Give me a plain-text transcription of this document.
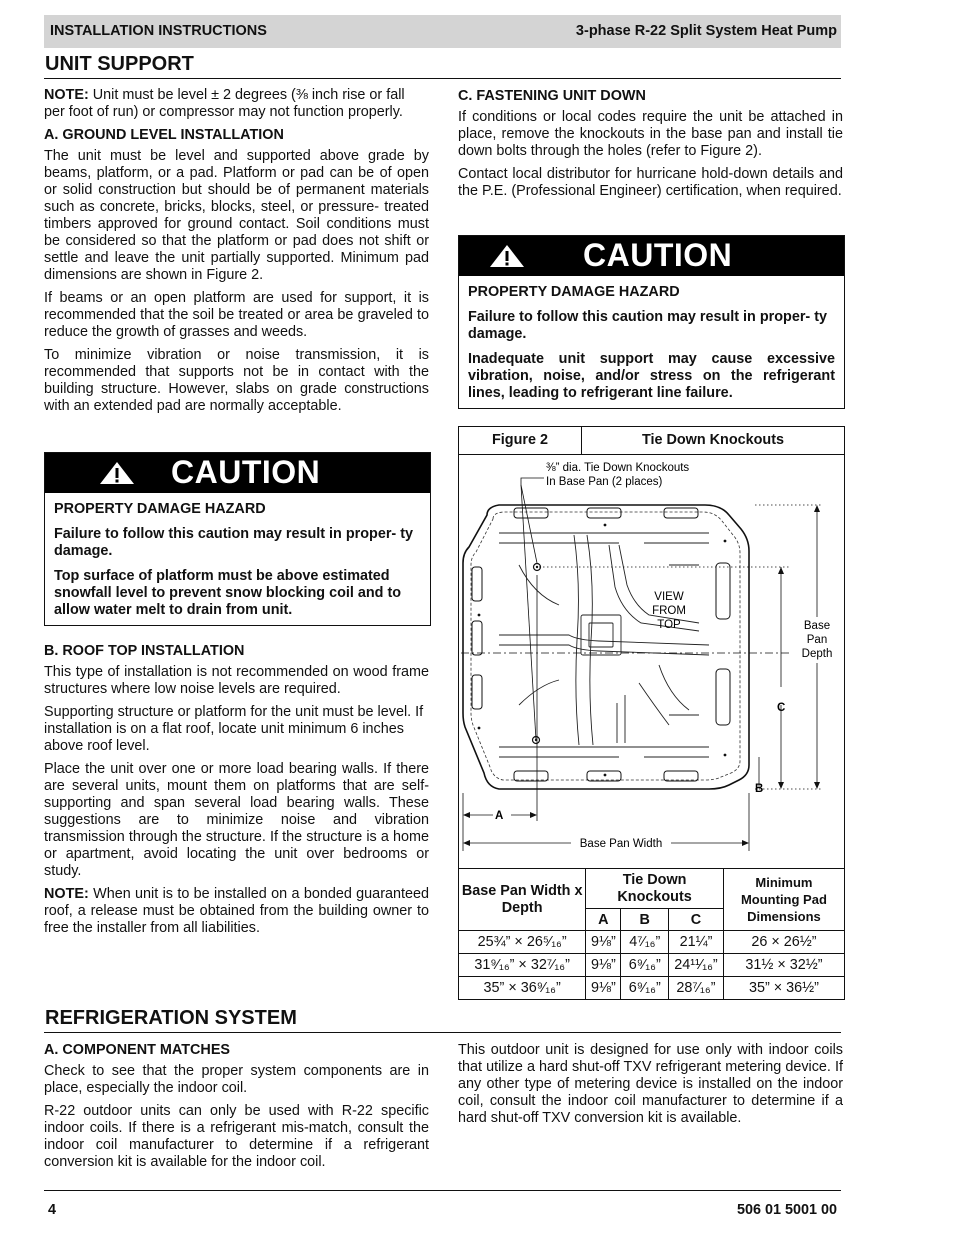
INSTALLATION INSTRUCTIONS	3-phase R-22 Split System Heat Pump
UNIT SUPPORT

NOTE: Unit must be level ± 2 degrees (⅜ inch rise or fall per foot of run) or compressor may not function properly.

A. GROUND LEVEL INSTALLATION

The unit must be level and supported above grade by beams, platform, or a pad. Platform or pad can be of open or solid construction but should be of permanent materials such as concrete, bricks, blocks, steel, or pressure- treated timbers approved for ground contact. Soil conditions must be considered so that the platform or pad does not shift or settle and leave the unit partially supported. Minimum pad dimensions are shown in Figure 2.

If beams or an open platform are used for support, it is recommended that the soil be treated or area be graveled to reduce the growth of grasses and weeds.

To minimize vibration or noise transmission, it is recommended that supports not be in contact with the building structure. However, slabs on grade constructions with an extended pad are normally acceptable.

CAUTION

PROPERTY DAMAGE HAZARD

Failure to follow this caution may result in proper- ty damage.

Top surface of platform must be above estimated snowfall level to prevent snow blocking coil and to allow water melt to drain from unit.

B. ROOF TOP INSTALLATION

This type of installation is not recommended on wood frame structures where low noise levels are required.

Supporting structure or platform for the unit must be level. If installation is on a flat roof, locate unit minimum 6 inches above roof level.

Place the unit over one or more load bearing walls. If there are several units, mount them on platforms that are self-supporting and span several load bearing walls. These suggestions are to minimize noise and vibration transmission through the structure. If the structure is a home or apartment, avoid locating the unit over bedrooms or study.

NOTE: When unit is to be installed on a bonded guaranteed roof, a release must be obtained from the building owner to free the installer from all liabilities.

C. FASTENING UNIT DOWN

If conditions or local codes require the unit be attached in place, remove the knockouts in the base pan and install tie down bolts through the holes (refer to Figure 2).

Contact local distributor for hurricane hold-down details and the P.E. (Professional Engineer) certification, when required.

CAUTION

PROPERTY DAMAGE HAZARD

Failure to follow this caution may result in proper- ty damage.

Inadequate unit support may cause excessive vibration, noise, and/or stress on the refrigerant lines, leading to refrigerant line failure.

Figure 2	Tie Down Knockouts
⅜” dia. Tie Down Knockouts
In Base Pan (2 places)
VIEW
FROM
TOP	Base
Pan
Depth
C
B
A
Base Pan Width
Base Pan Width x Depth	Tie Down Knockouts			Minimum Mounting Pad Dimensions
	A	B	C	
25¾” × 26⁵⁄₁₆”	9⅛”	4⁷⁄₁₆”	21¼”	26 × 26½”
31⁹⁄₁₆” × 32⁷⁄₁₆”	9⅛”	6⁹⁄₁₆”	24¹¹⁄₁₆”	31½ × 32½”
35” × 36⁹⁄₁₆”	9⅛”	6⁹⁄₁₆”	28⁷⁄₁₆”	35” × 36½”
REFRIGERATION SYSTEM

A. COMPONENT MATCHES

Check to see that the proper system components are in place, especially the indoor coil.

R-22 outdoor units can only be used with R-22 specific indoor coils. If there is a refrigerant mis-match, consult the indoor coil manufacturer to determine if a refrigerant conversion kit is available for the indoor coil.

This outdoor unit is designed for use only with indoor coils that utilize a hard shut-off TXV refrigerant metering device. If any other type of metering device is installed on the indoor coil, consult the indoor coil manufacturer to determine if a hard shut-off TXV conversion kit is available.

4	506 01 5001 00
